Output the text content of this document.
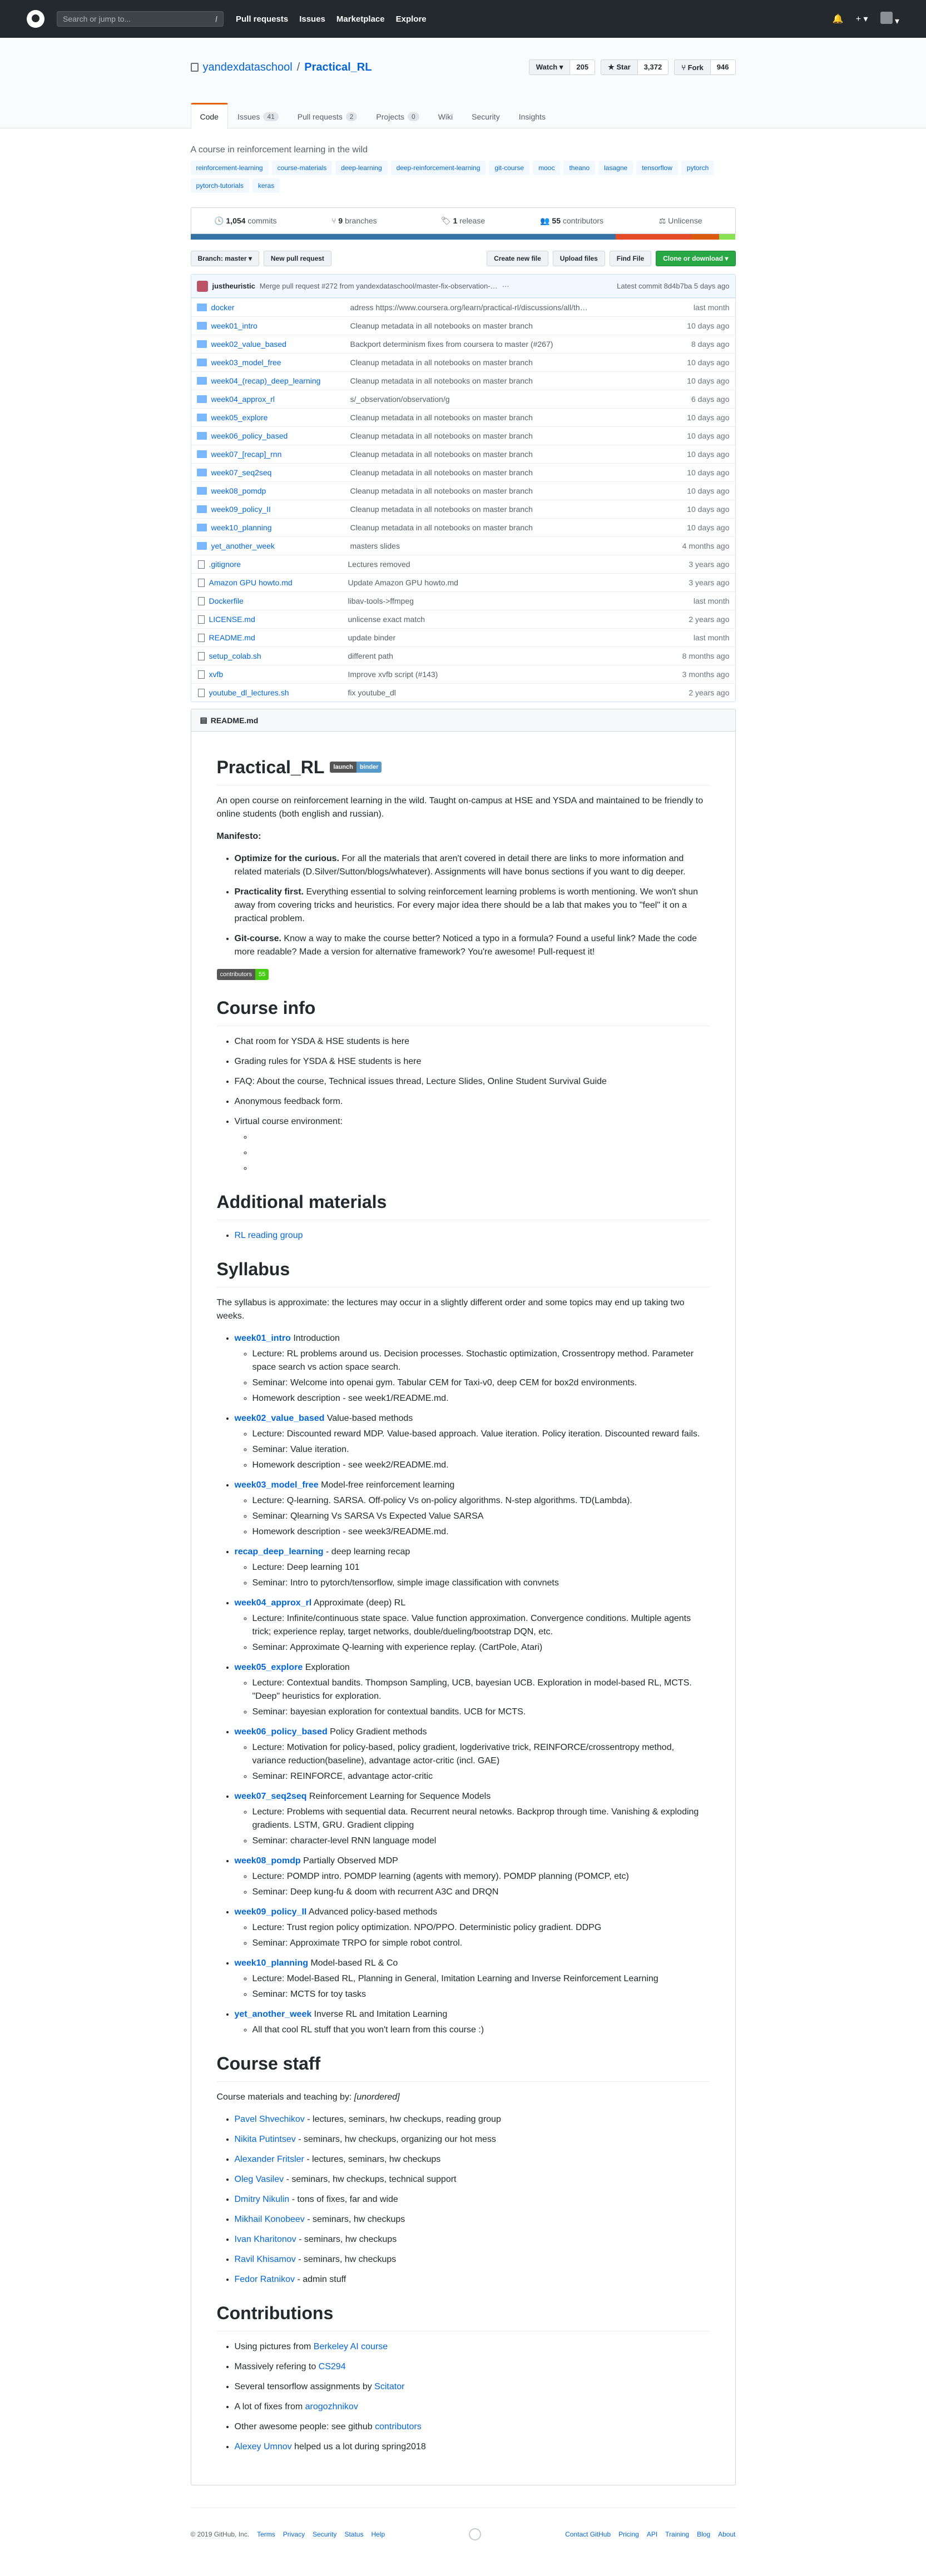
Search or jump to...	/ Pull requests Issues Marketplace Explore	🔔 + ▾	▾
yandexdataschool / Practical_RL	Watch ▾	205	★ Star	3,372	⑂ Fork	946
Code Issues	41	Pull requests	2	Projects	0	Wiki Security Insights
A course in reinforcement learning in the wild
reinforcement-learning	course-materials	deep-learning	deep-reinforcement-learning	git-course	mooc	theano	lasagne	tensorflow	pytorch
pytorch-tutorials	keras
🕓 1,054 commits	⑂ 9 branches	🏷 1 release	👥 55 contributors	⚖ Unlicense
Branch: master ▾	New pull request	Create new file	Upload files	Find File	Clone or download ▾
justheuristic Merge pull request #272 from yandexdataschool/master-fix-observation-… ···	Latest commit 8d4b7ba 5 days ago
docker	adress https://www.coursera.org/learn/practical-rl/discussions/all/th…	last month
week01_intro	Cleanup metadata in all notebooks on master branch	10 days ago
week02_value_based	Backport determinism fixes from coursera to master (#267)	8 days ago
week03_model_free	Cleanup metadata in all notebooks on master branch	10 days ago
week04_(recap)_deep_learning	Cleanup metadata in all notebooks on master branch	10 days ago
week04_approx_rl	s/_observation/observation/g	6 days ago
week05_explore	Cleanup metadata in all notebooks on master branch	10 days ago
week06_policy_based	Cleanup metadata in all notebooks on master branch	10 days ago
week07_[recap]_rnn	Cleanup metadata in all notebooks on master branch	10 days ago
week07_seq2seq	Cleanup metadata in all notebooks on master branch	10 days ago
week08_pomdp	Cleanup metadata in all notebooks on master branch	10 days ago
week09_policy_II	Cleanup metadata in all notebooks on master branch	10 days ago
week10_planning	Cleanup metadata in all notebooks on master branch	10 days ago
yet_another_week	masters slides	4 months ago
.gitignore	Lectures removed	3 years ago
Amazon GPU howto.md	Update Amazon GPU howto.md	3 years ago
Dockerfile	libav-tools->ffmpeg	last month
LICENSE.md	unlicense exact match	2 years ago
README.md	update binder	last month
setup_colab.sh	different path	8 months ago
xvfb	Improve xvfb script (#143)	3 months ago
youtube_dl_lectures.sh	fix youtube_dl	2 years ago
▤ README.md
Practical_RL	launch	binder

An open course on reinforcement learning in the wild. Taught on-campus at HSE and YSDA and maintained to be friendly to online students (both english and russian).

Manifesto:

• Optimize for the curious. For all the materials that aren't covered in detail there are links to more information and related materials (D.Silver/Sutton/blogs/whatever). Assignments will have bonus sections if you want to dig deeper.
• Practicality first. Everything essential to solving reinforcement learning problems is worth mentioning. We won't shun away from covering tricks and heuristics. For every major idea there should be a lab that makes you to "feel" it on a practical problem.
• Git-course. Know a way to make the course better? Noticed a typo in a formula? Found a useful link? Made the code more readable? Made a version for alternative framework? You're awesome! Pull-request it!

contributors	55

Course info
• Chat room for YSDA & HSE students is here
• Grading rules for YSDA & HSE students is here
• FAQ: About the course, Technical issues thread, Lecture Slides, Online Student Survival Guide
• Anonymous feedback form.
• Virtual course environment:
◦
◦
◦
Additional materials
• RL reading group
Syllabus

The syllabus is approximate: the lectures may occur in a slightly different order and some topics may end up taking two weeks.

• week01_intro Introduction
◦ Lecture: RL problems around us. Decision processes. Stochastic optimization, Crossentropy method. Parameter space search vs action space search.
◦ Seminar: Welcome into openai gym. Tabular CEM for Taxi-v0, deep CEM for box2d environments.
◦ Homework description - see week1/README.md.
• week02_value_based Value-based methods
◦ Lecture: Discounted reward MDP. Value-based approach. Value iteration. Policy iteration. Discounted reward fails.
◦ Seminar: Value iteration.
◦ Homework description - see week2/README.md.
• week03_model_free Model-free reinforcement learning
◦ Lecture: Q-learning. SARSA. Off-policy Vs on-policy algorithms. N-step algorithms. TD(Lambda).
◦ Seminar: Qlearning Vs SARSA Vs Expected Value SARSA
◦ Homework description - see week3/README.md.
• recap_deep_learning - deep learning recap
◦ Lecture: Deep learning 101
◦ Seminar: Intro to pytorch/tensorflow, simple image classification with convnets
• week04_approx_rl Approximate (deep) RL
◦ Lecture: Infinite/continuous state space. Value function approximation. Convergence conditions. Multiple agents trick; experience replay, target networks, double/dueling/bootstrap DQN, etc.
◦ Seminar: Approximate Q-learning with experience replay. (CartPole, Atari)
• week05_explore Exploration
◦ Lecture: Contextual bandits. Thompson Sampling, UCB, bayesian UCB. Exploration in model-based RL, MCTS. "Deep" heuristics for exploration.
◦ Seminar: bayesian exploration for contextual bandits. UCB for MCTS.
• week06_policy_based Policy Gradient methods
◦ Lecture: Motivation for policy-based, policy gradient, logderivative trick, REINFORCE/crossentropy method, variance reduction(baseline), advantage actor-critic (incl. GAE)
◦ Seminar: REINFORCE, advantage actor-critic
• week07_seq2seq Reinforcement Learning for Sequence Models
◦ Lecture: Problems with sequential data. Recurrent neural netowks. Backprop through time. Vanishing & exploding gradients. LSTM, GRU. Gradient clipping
◦ Seminar: character-level RNN language model
• week08_pomdp Partially Observed MDP
◦ Lecture: POMDP intro. POMDP learning (agents with memory). POMDP planning (POMCP, etc)
◦ Seminar: Deep kung-fu & doom with recurrent A3C and DRQN
• week09_policy_II Advanced policy-based methods
◦ Lecture: Trust region policy optimization. NPO/PPO. Deterministic policy gradient. DDPG
◦ Seminar: Approximate TRPO for simple robot control.
• week10_planning Model-based RL & Co
◦ Lecture: Model-Based RL, Planning in General, Imitation Learning and Inverse Reinforcement Learning
◦ Seminar: MCTS for toy tasks
• yet_another_week Inverse RL and Imitation Learning
◦ All that cool RL stuff that you won't learn from this course :)
Course staff

Course materials and teaching by: [unordered]

• Pavel Shvechikov - lectures, seminars, hw checkups, reading group
• Nikita Putintsev - seminars, hw checkups, organizing our hot mess
• Alexander Fritsler - lectures, seminars, hw checkups
• Oleg Vasilev - seminars, hw checkups, technical support
• Dmitry Nikulin - tons of fixes, far and wide
• Mikhail Konobeev - seminars, hw checkups
• Ivan Kharitonov - seminars, hw checkups
• Ravil Khisamov - seminars, hw checkups
• Fedor Ratnikov - admin stuff
Contributions
• Using pictures from Berkeley AI course
• Massively refering to CS294
• Several tensorflow assignments by Scitator
• A lot of fixes from arogozhnikov
• Other awesome people: see github contributors
• Alexey Umnov helped us a lot during spring2018
© 2019 GitHub, Inc. Terms Privacy Security Status Help	Contact GitHub Pricing API Training Blog About
